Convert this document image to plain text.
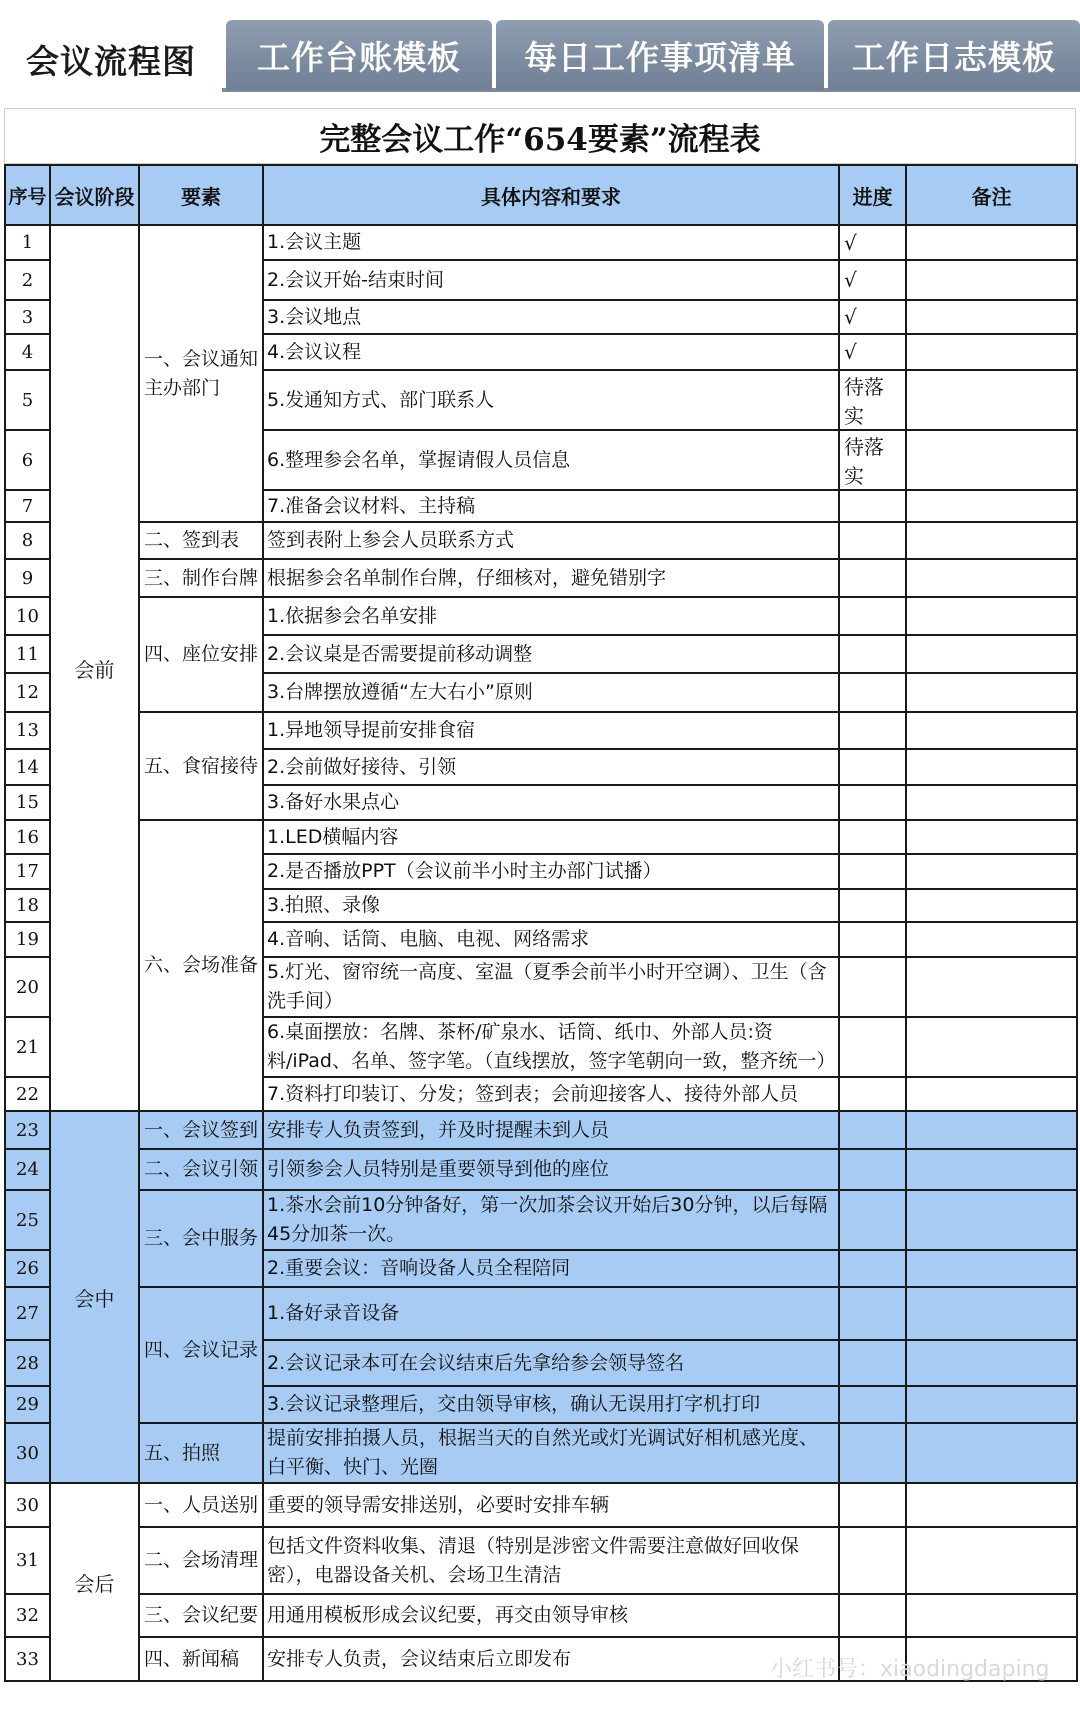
会议流程图	工作台账模板	每日工作事项清单	工作日志模板
完整会议工作“654要素”流程表
序号	会议阶段	要素	具体内容和要求	进度	备注
1	会前	一、会议通知主办部门	1.会议主题	√	
2			2.会议开始-结束时间	√	
3			3.会议地点	√	
4			4.会议议程	√	
5			5.发通知方式、部门联系人	待落实	
6			6.整理参会名单，掌握请假人员信息	待落实	
7			7.准备会议材料、主持稿		
8		二、签到表	签到表附上参会人员联系方式		
9		三、制作台牌	根据参会名单制作台牌，仔细核对，避免错别字		
10		四、座位安排	1.依据参会名单安排		
11			2.会议桌是否需要提前移动调整		
12			3.台牌摆放遵循“左大右小”原则		
13		五、食宿接待	1.异地领导提前安排食宿		
14			2.会前做好接待、引领		
15			3.备好水果点心		
16		六、会场准备	1.LED横幅内容		
17			2.是否播放PPT（会议前半小时主办部门试播）		
18			3.拍照、录像		
19			4.音响、话筒、电脑、电视、网络需求		
20			5.灯光、窗帘统一高度、室温（夏季会前半小时开空调）、卫生（含洗手间）		
21			6.桌面摆放：名牌、茶杯/矿泉水、话筒、纸巾、外部人员:资料/iPad、名单、签字笔。（直线摆放，签字笔朝向一致，整齐统一）		
22			7.资料打印装订、分发；签到表；会前迎接客人、接待外部人员		
23	会中	一、会议签到	安排专人负责签到，并及时提醒未到人员		
24		二、会议引领	引领参会人员特别是重要领导到他的座位		
25		三、会中服务	1.茶水会前10分钟备好，第一次加茶会议开始后30分钟，以后每隔45分加茶一次。		
26			2.重要会议：音响设备人员全程陪同		
27		四、会议记录	1.备好录音设备		
28			2.会议记录本可在会议结束后先拿给参会领导签名		
29			3.会议记录整理后，交由领导审核，确认无误用打字机打印		
30		五、拍照	提前安排拍摄人员，根据当天的自然光或灯光调试好相机感光度、白平衡、快门、光圈		
30	会后	一、人员送别	重要的领导需安排送别，必要时安排车辆		
31		二、会场清理	包括文件资料收集、清退（特别是涉密文件需要注意做好回收保密），电器设备关机、会场卫生清洁		
32		三、会议纪要	用通用模板形成会议纪要，再交由领导审核		
33		四、新闻稿	安排专人负责，会议结束后立即发布			小红书号：xiaodingdaping
